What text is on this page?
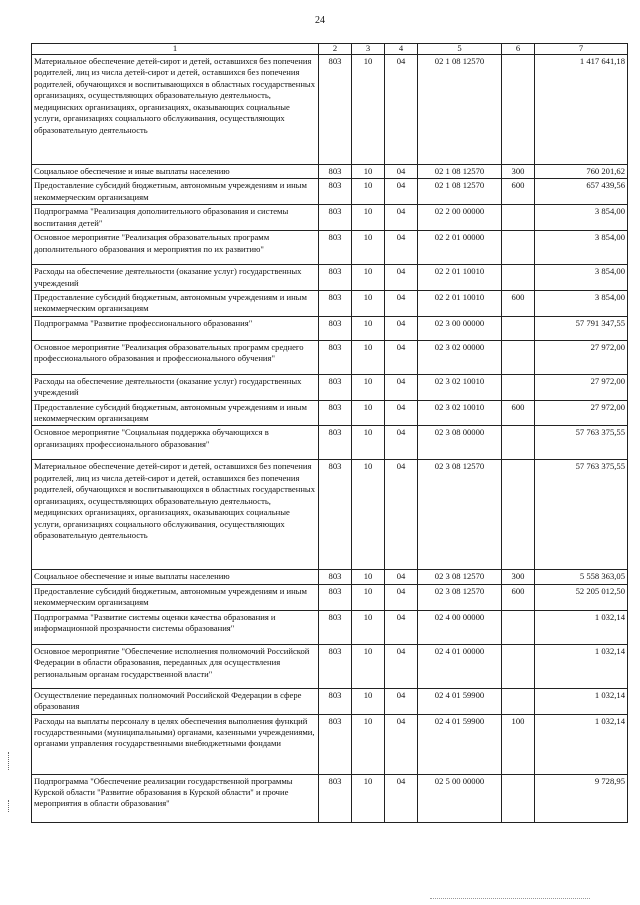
24
1	2	3	4	5	6	7
Материальное обеспечение детей-сирот и детей, оставшихся без попечения родителей, лиц из числа детей-сирот и детей, оставшихся без попечения родителей, обучающихся и воспитывающихся в областных государственных организациях, осуществляющих образовательную деятельность, медицинских организациях, организациях, оказывающих социальные услуги, организациях социального обслуживания, осуществляющих образовательную деятельность	803	10	04	02 1 08 12570		1 417 641,18
Социальное обеспечение и иные выплаты населению	803	10	04	02 1 08 12570	300	760 201,62
Предоставление субсидий бюджетным, автономным учреждениям и иным некоммерческим организациям	803	10	04	02 1 08 12570	600	657 439,56
Подпрограмма "Реализация дополнительного образования и системы воспитания детей"	803	10	04	02 2 00 00000		3 854,00
Основное мероприятие "Реализация образовательных программ дополнительного образования и мероприятия по их развитию"	803	10	04	02 2 01 00000		3 854,00
Расходы на обеспечение деятельности (оказание услуг) государственных учреждений	803	10	04	02 2 01 10010		3 854,00
Предоставление субсидий бюджетным, автономным учреждениям и иным некоммерческим организациям	803	10	04	02 2 01 10010	600	3 854,00
Подпрограмма "Развитие профессионального образования"	803	10	04	02 3 00 00000		57 791 347,55
Основное мероприятие "Реализация образовательных программ среднего профессионального образования и профессионального обучения"	803	10	04	02 3 02 00000		27 972,00
Расходы на обеспечение деятельности (оказание услуг) государственных учреждений	803	10	04	02 3 02 10010		27 972,00
Предоставление субсидий бюджетным, автономным учреждениям и иным некоммерческим организациям	803	10	04	02 3 02 10010	600	27 972,00
Основное мероприятие "Социальная поддержка обучающихся в организациях профессионального образования"	803	10	04	02 3 08 00000		57 763 375,55
Материальное обеспечение детей-сирот и детей, оставшихся без попечения родителей, лиц из числа детей-сирот и детей, оставшихся без попечения родителей, обучающихся и воспитывающихся в областных государственных организациях, осуществляющих образовательную деятельность, медицинских организациях, организациях, оказывающих социальные услуги, организациях социального обслуживания, осуществляющих образовательную деятельность	803	10	04	02 3 08 12570		57 763 375,55
Социальное обеспечение и иные выплаты населению	803	10	04	02 3 08 12570	300	5 558 363,05
Предоставление субсидий бюджетным, автономным учреждениям и иным некоммерческим организациям	803	10	04	02 3 08 12570	600	52 205 012,50
Подпрограмма "Развитие системы оценки качества образования и информационной прозрачности системы образования"	803	10	04	02 4 00 00000		1 032,14
Основное мероприятие "Обеспечение исполнения полномочий Российской Федерации в области образования, переданных для осуществления региональным органам государственной власти"	803	10	04	02 4 01 00000		1 032,14
Осуществление переданных полномочий Российской Федерации в сфере образования	803	10	04	02 4 01 59900		1 032,14
Расходы на выплаты персоналу в целях обеспечения выполнения функций государственными (муниципальными) органами, казенными учреждениями, органами управления государственными внебюджетными фондами	803	10	04	02 4 01 59900	100	1 032,14
Подпрограмма "Обеспечение реализации государственной программы Курской области "Развитие образования в Курской области" и прочие мероприятия в области образования"	803	10	04	02 5 00 00000		9 728,95
